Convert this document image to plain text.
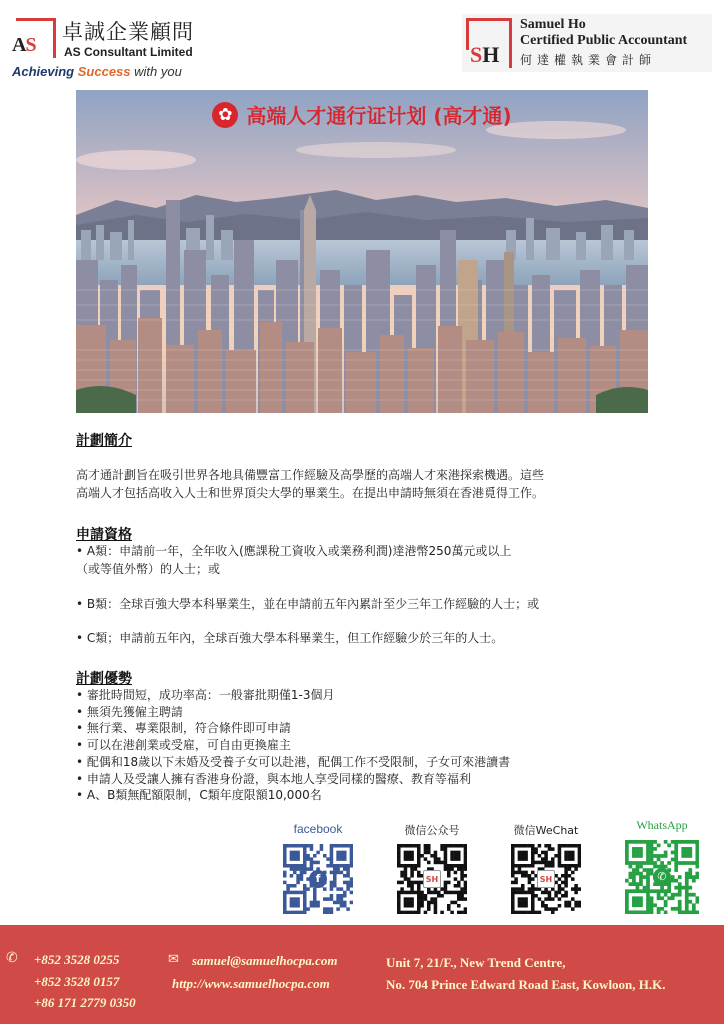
AS
卓誠企業顧問
AS Consultant Limited
Achieving Success with you
SH
Samuel Ho
Certified Public Accountant
何達權執業會計師
✿高端人才通行证计划 (高才通)
計劃簡介
高才通計劃旨在吸引世界各地具備豐富工作經驗及高學歷的高端人才來港探索機遇。這些
高端人才包括高收入人士和世界頂尖大學的畢業生。在提出申請時無須在香港覓得工作。
申請資格
• A類：申請前一年，全年收入(應課稅工資收入或業務利潤)達港幣250萬元或以上
（或等值外幣）的人士；或
• B類：全球百強大學本科畢業生，並在申請前五年內累計至少三年工作經驗的人士；或
• C類；申請前五年內，全球百強大學本科畢業生，但工作經驗少於三年的人士。
計劃優勢
• 審批時間短，成功率高：一般審批期僅1-3個月
• 無須先獲僱主聘請
• 無行業、專業限制，符合條件即可申請
• 可以在港創業或受雇，可自由更換雇主
• 配偶和18歲以下未婚及受養子女可以赴港，配偶工作不受限制，子女可來港讀書
• 申請人及受讓人擁有香港身份證，與本地人享受同樣的醫療、教育等福利
• A、B類無配額限制，C類年度限額10,000名
facebook
f
微信公众号
SH
微信WeChat
SH
WhatsApp
✆
✆ +852 3528 0255
+852 3528 0157
+86 171 2779 0350
✉ samuel@samuelhocpa.com
http://www.samuelhocpa.com
Unit 7, 21/F., New Trend Centre,
No. 704 Prince Edward Road East, Kowloon, H.K.
